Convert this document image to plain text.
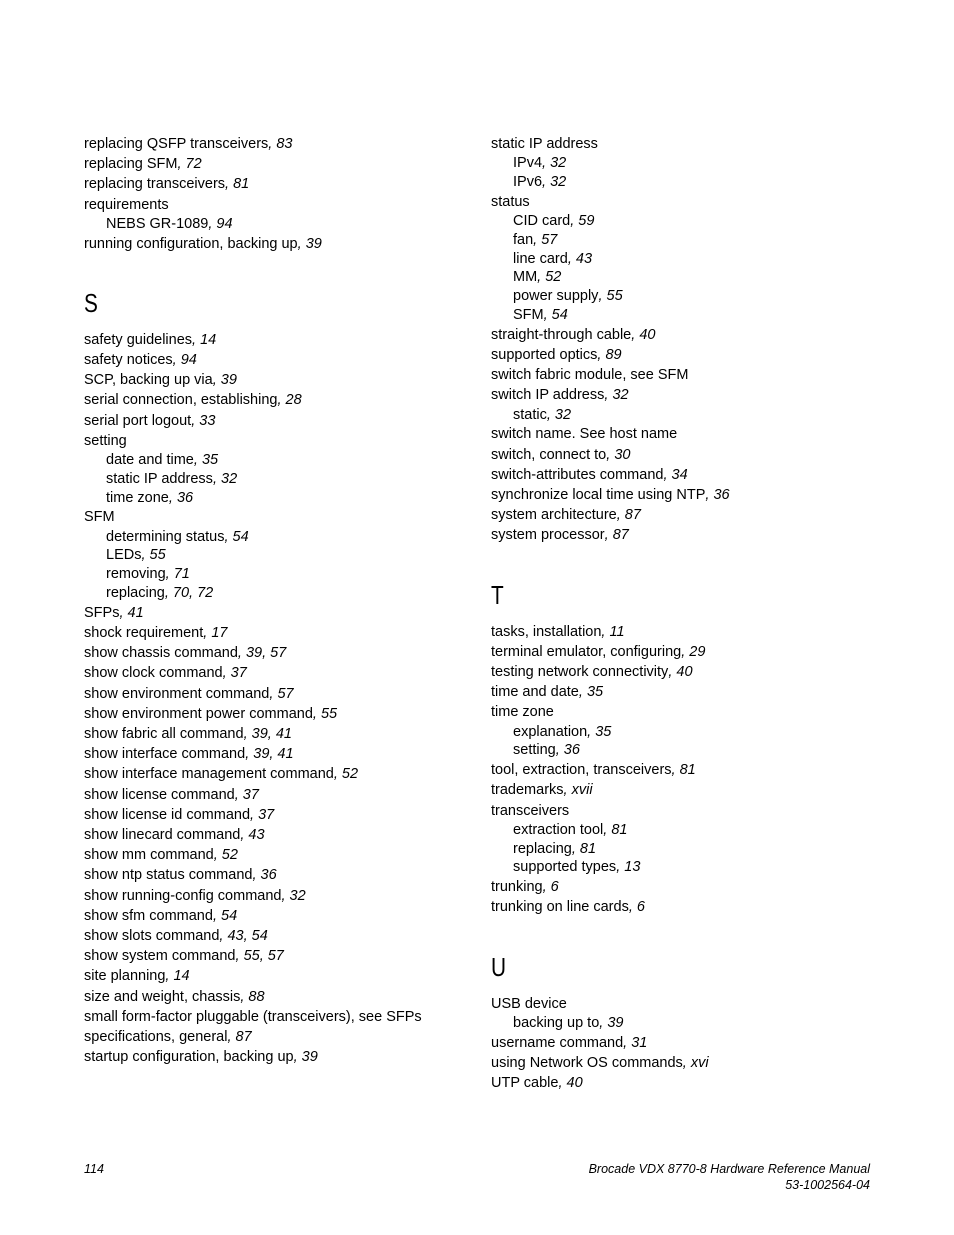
replacing QSFP transceivers, 83
replacing SFM, 72
replacing transceivers, 81
requirements
NEBS GR-1089, 94
running configuration, backing up, 39
S
safety guidelines, 14
safety notices, 94
SCP, backing up via, 39
serial connection, establishing, 28
serial port logout, 33
setting
date and time, 35
static IP address, 32
time zone, 36
SFM
determining status, 54
LEDs, 55
removing, 71
replacing, 70, 72
SFPs, 41
shock requirement, 17
show chassis command, 39, 57
show clock command, 37
show environment command, 57
show environment power command, 55
show fabric all command, 39, 41
show interface command, 39, 41
show interface management command, 52
show license command, 37
show license id command, 37
show linecard command, 43
show mm command, 52
show ntp status command, 36
show running-config command, 32
show sfm command, 54
show slots command, 43, 54
show system command, 55, 57
site planning, 14
size and weight, chassis, 88
small form-factor pluggable (transceivers), see SFPs
specifications, general, 87
startup configuration, backing up, 39
static IP address
IPv4, 32
IPv6, 32
status
CID card, 59
fan, 57
line card, 43
MM, 52
power supply, 55
SFM, 54
straight-through cable, 40
supported optics, 89
switch fabric module, see SFM
switch IP address, 32
static, 32
switch name. See host name
switch, connect to, 30
switch-attributes command, 34
synchronize local time using NTP, 36
system architecture, 87
system processor, 87
T
tasks, installation, 11
terminal emulator, configuring, 29
testing network connectivity, 40
time and date, 35
time zone
explanation, 35
setting, 36
tool, extraction, transceivers, 81
trademarks, xvii
transceivers
extraction tool, 81
replacing, 81
supported types, 13
trunking, 6
trunking on line cards, 6
U
USB device
backing up to, 39
username command, 31
using Network OS commands, xvi
UTP cable, 40
114	Brocade VDX 8770-8 Hardware Reference Manual
53-1002564-04
